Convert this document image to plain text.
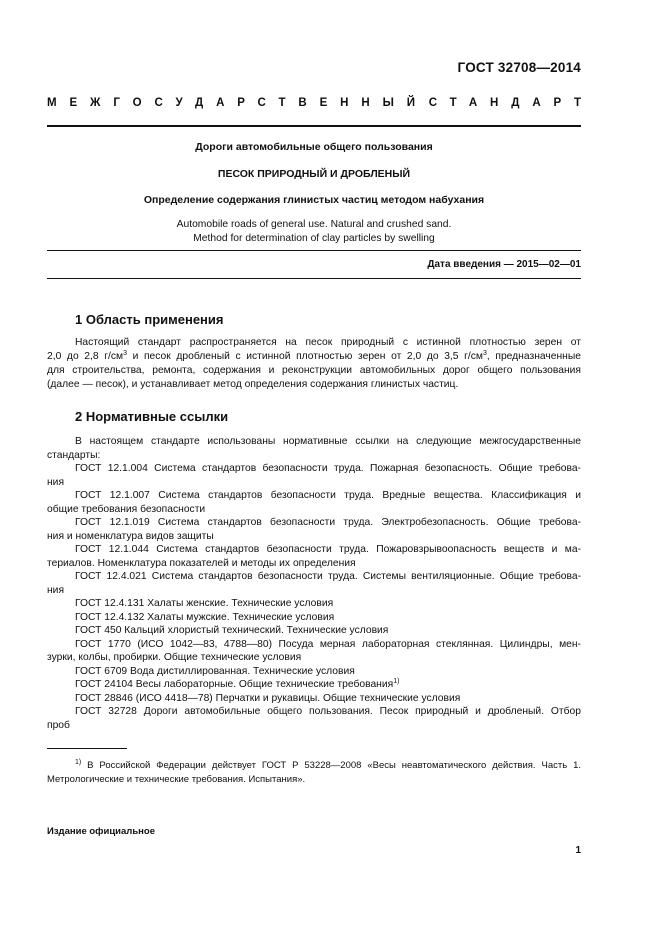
ГОСТ 32708—2014
МЕЖГОСУДАРСТВЕННЫЙ СТАНДАРТ
Дороги автомобильные общего пользования
ПЕСОК ПРИРОДНЫЙ И ДРОБЛЕНЫЙ
Определение содержания глинистых частиц методом набухания
Automobile roads of general use. Natural and crushed sand.
Method for determination of clay particles by swelling
Дата введения — 2015—02—01
1 Область применения
Настоящий стандарт распространяется на песок природный с истинной плотностью зерен от
2,0 до 2,8 $г/см^3$ и песок дробленый с истинной плотностью зерен от 2,0 до 3,5 $г/см^3$, предназначенные
для строительства, ремонта, содержания и реконструкции автомобильных дорог общего пользования
(далее — песок), и устанавливает метод определения содержания глинистых частиц.
2 Нормативные ссылки
В настоящем стандарте использованы нормативные ссылки на следующие межгосударственные
стандарты:
ГОСТ 12.1.004 Система стандартов безопасности труда. Пожарная безопасность. Общие требова-
ния
ГОСТ 12.1.007 Система стандартов безопасности труда. Вредные вещества. Классификация и
общие требования безопасности
ГОСТ 12.1.019 Система стандартов безопасности труда. Электробезопасность. Общие требова-
ния и номенклатура видов защиты
ГОСТ 12.1.044 Система стандартов безопасности труда. Пожаровзрывоопасность веществ и ма-
териалов. Номенклатура показателей и методы их определения
ГОСТ 12.4.021 Система стандартов безопасности труда. Системы вентиляционные. Общие требова-
ния
ГОСТ 12.4.131 Халаты женские. Технические условия
ГОСТ 12.4.132 Халаты мужские. Технические условия
ГОСТ 450 Кальций хлористый технический. Технические условия
ГОСТ 1770 (ИСО 1042—83, 4788—80) Посуда мерная лабораторная стеклянная. Цилиндры, мен-
зурки, колбы, пробирки. Общие технические условия
ГОСТ 6709 Вода дистиллированная. Технические условия
ГОСТ 24104 Весы лабораторные. Общие технические требования$^{1)}$
ГОСТ 28846 (ИСО 4418—78) Перчатки и рукавицы. Общие технические условия
ГОСТ 32728 Дороги автомобильные общего пользования. Песок природный и дробленый. Отбор
проб
$^{1)}$ В Российской Федерации действует ГОСТ Р 53228—2008 «Весы неавтоматического действия. Часть 1.
Метрологические и технические требования. Испытания».
Издание официальное
1
